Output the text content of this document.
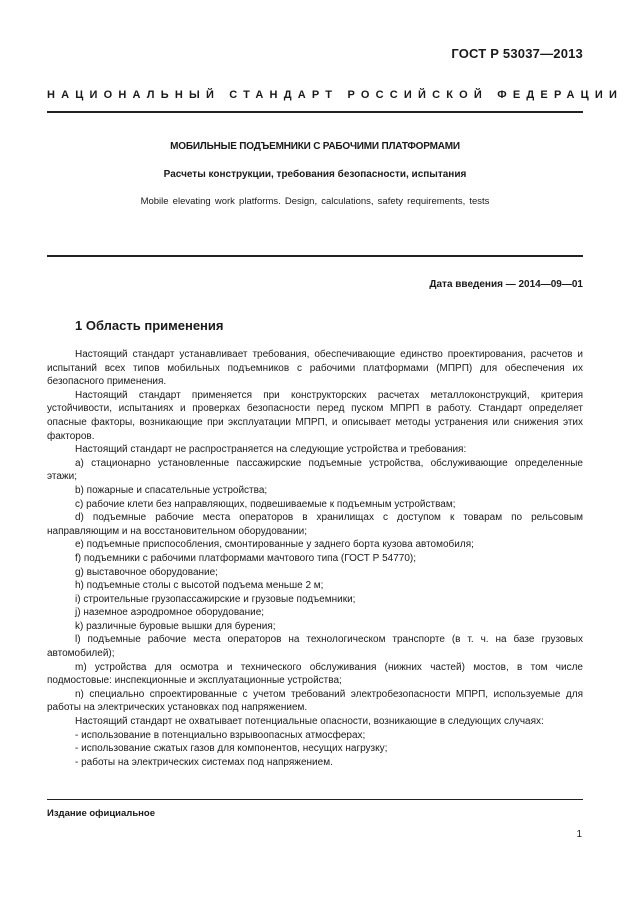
ГОСТ Р 53037—2013
НАЦИОНАЛЬНЫЙ СТАНДАРТ РОССИЙСКОЙ ФЕДЕРАЦИИ
МОБИЛЬНЫЕ ПОДЪЕМНИКИ С РАБОЧИМИ ПЛАТФОРМАМИ
Расчеты конструкции, требования безопасности, испытания
Mobile elevating work platforms. Design, calculations, safety requirements, tests
Дата введения — 2014—09—01
1 Область применения

Настоящий стандарт устанавливает требования, обеспечивающие единство проектирования, расчетов и испытаний всех типов мобильных подъемников с рабочими платформами (МПРП) для обеспечения их безопасного применения.

Настоящий стандарт применяется при конструкторских расчетах металлоконструкций, критерия устойчивости, испытаниях и проверках безопасности перед пуском МПРП в работу. Стандарт определяет опасные факторы, возникающие при эксплуатации МПРП, и описывает методы устранения или снижения этих факторов.

Настоящий стандарт не распространяется на следующие устройства и требования:

а) стационарно установленные пассажирские подъемные устройства, обслуживающие определенные этажи;

b) пожарные и спасательные устройства;

c) рабочие клети без направляющих, подвешиваемые к подъемным устройствам;

d) подъемные рабочие места операторов в хранилищах с доступом к товарам по рельсовым направляющим и на восстановительном оборудовании;

e) подъемные приспособления, смонтированные у заднего борта кузова автомобиля;

f) подъемники с рабочими платформами мачтового типа (ГОСТ Р 54770);

g) выставочное оборудование;

h) подъемные столы с высотой подъема меньше 2 м;

i) строительные грузопассажирские и грузовые подъемники;

j) наземное аэродромное оборудование;

k) различные буровые вышки для бурения;

l) подъемные рабочие места операторов на технологическом транспорте (в т. ч. на базе грузовых автомобилей);

m) устройства для осмотра и технического обслуживания (нижних частей) мостов, в том числе подмостовые: инспекционные и эксплуатационные устройства;

n) специально спроектированные с учетом требований электробезопасности МПРП, используемые для работы на электрических установках под напряжением.

Настоящий стандарт не охватывает потенциальные опасности, возникающие в следующих случаях:

- использование в потенциально взрывоопасных атмосферах;

- использование сжатых газов для компонентов, несущих нагрузку;

- работы на электрических системах под напряжением.

Издание официальное
1
